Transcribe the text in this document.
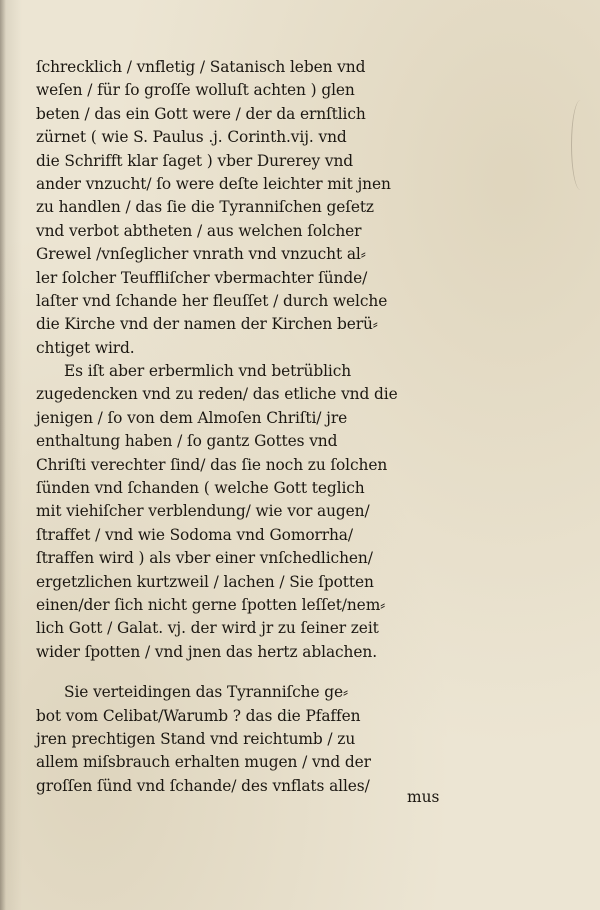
ſchrecklich / vnfletig / Satanisch leben vnd
weſen / für ſo groſſe wolluſt achten ) glen
beten / das ein Gott were / der da ernſtlich
zürnet ( wie S. Paulus .j. Corinth.vij. vnd
die Schrifft klar ſaget ) vber Durerey vnd
ander vnzucht/ ſo were deſte leichter mit jnen
zu handlen / das ſie die Tyranniſchen geſetz
vnd verbot abtheten / aus welchen ſolcher
Grewel /vnſeglicher vnrath vnd vnzucht al⸗
ler ſolcher Teuffliſcher vbermachter ſünde/
laſter vnd ſchande her fleuſſet / durch welche
die Kirche vnd der namen der Kirchen berü⸗
chtiget wird.
Es iſt aber erbermlich vnd betrüblich
zugedencken vnd zu reden/ das etliche vnd die
jenigen / ſo von dem Almoſen Chriſti/ jre
enthaltung haben / ſo gantz Gottes vnd
Chriſti verechter ſind/ das ſie noch zu ſolchen
ſünden vnd ſchanden ( welche Gott teglich
mit viehiſcher verblendung/ wie vor augen/
ſtraffet / vnd wie Sodoma vnd Gomorrha/
ſtraffen wird ) als vber einer vnſchedlichen/
ergetzlichen kurtzweil / lachen / Sie ſpotten
einen/der ſich nicht gerne ſpotten leſſet/nem⸗
lich Gott / Galat. vj. der wird jr zu ſeiner zeit
wider ſpotten / vnd jnen das hertz ablachen.
Sie verteidingen das Tyranniſche ge⸗
bot vom Celibat/Warumb ? das die Pfaffen
jren prechtigen Stand vnd reichtumb / zu
allem miſsbrauch erhalten mugen / vnd der
groſſen ſünd vnd ſchande/ des vnflats alles/
mus
